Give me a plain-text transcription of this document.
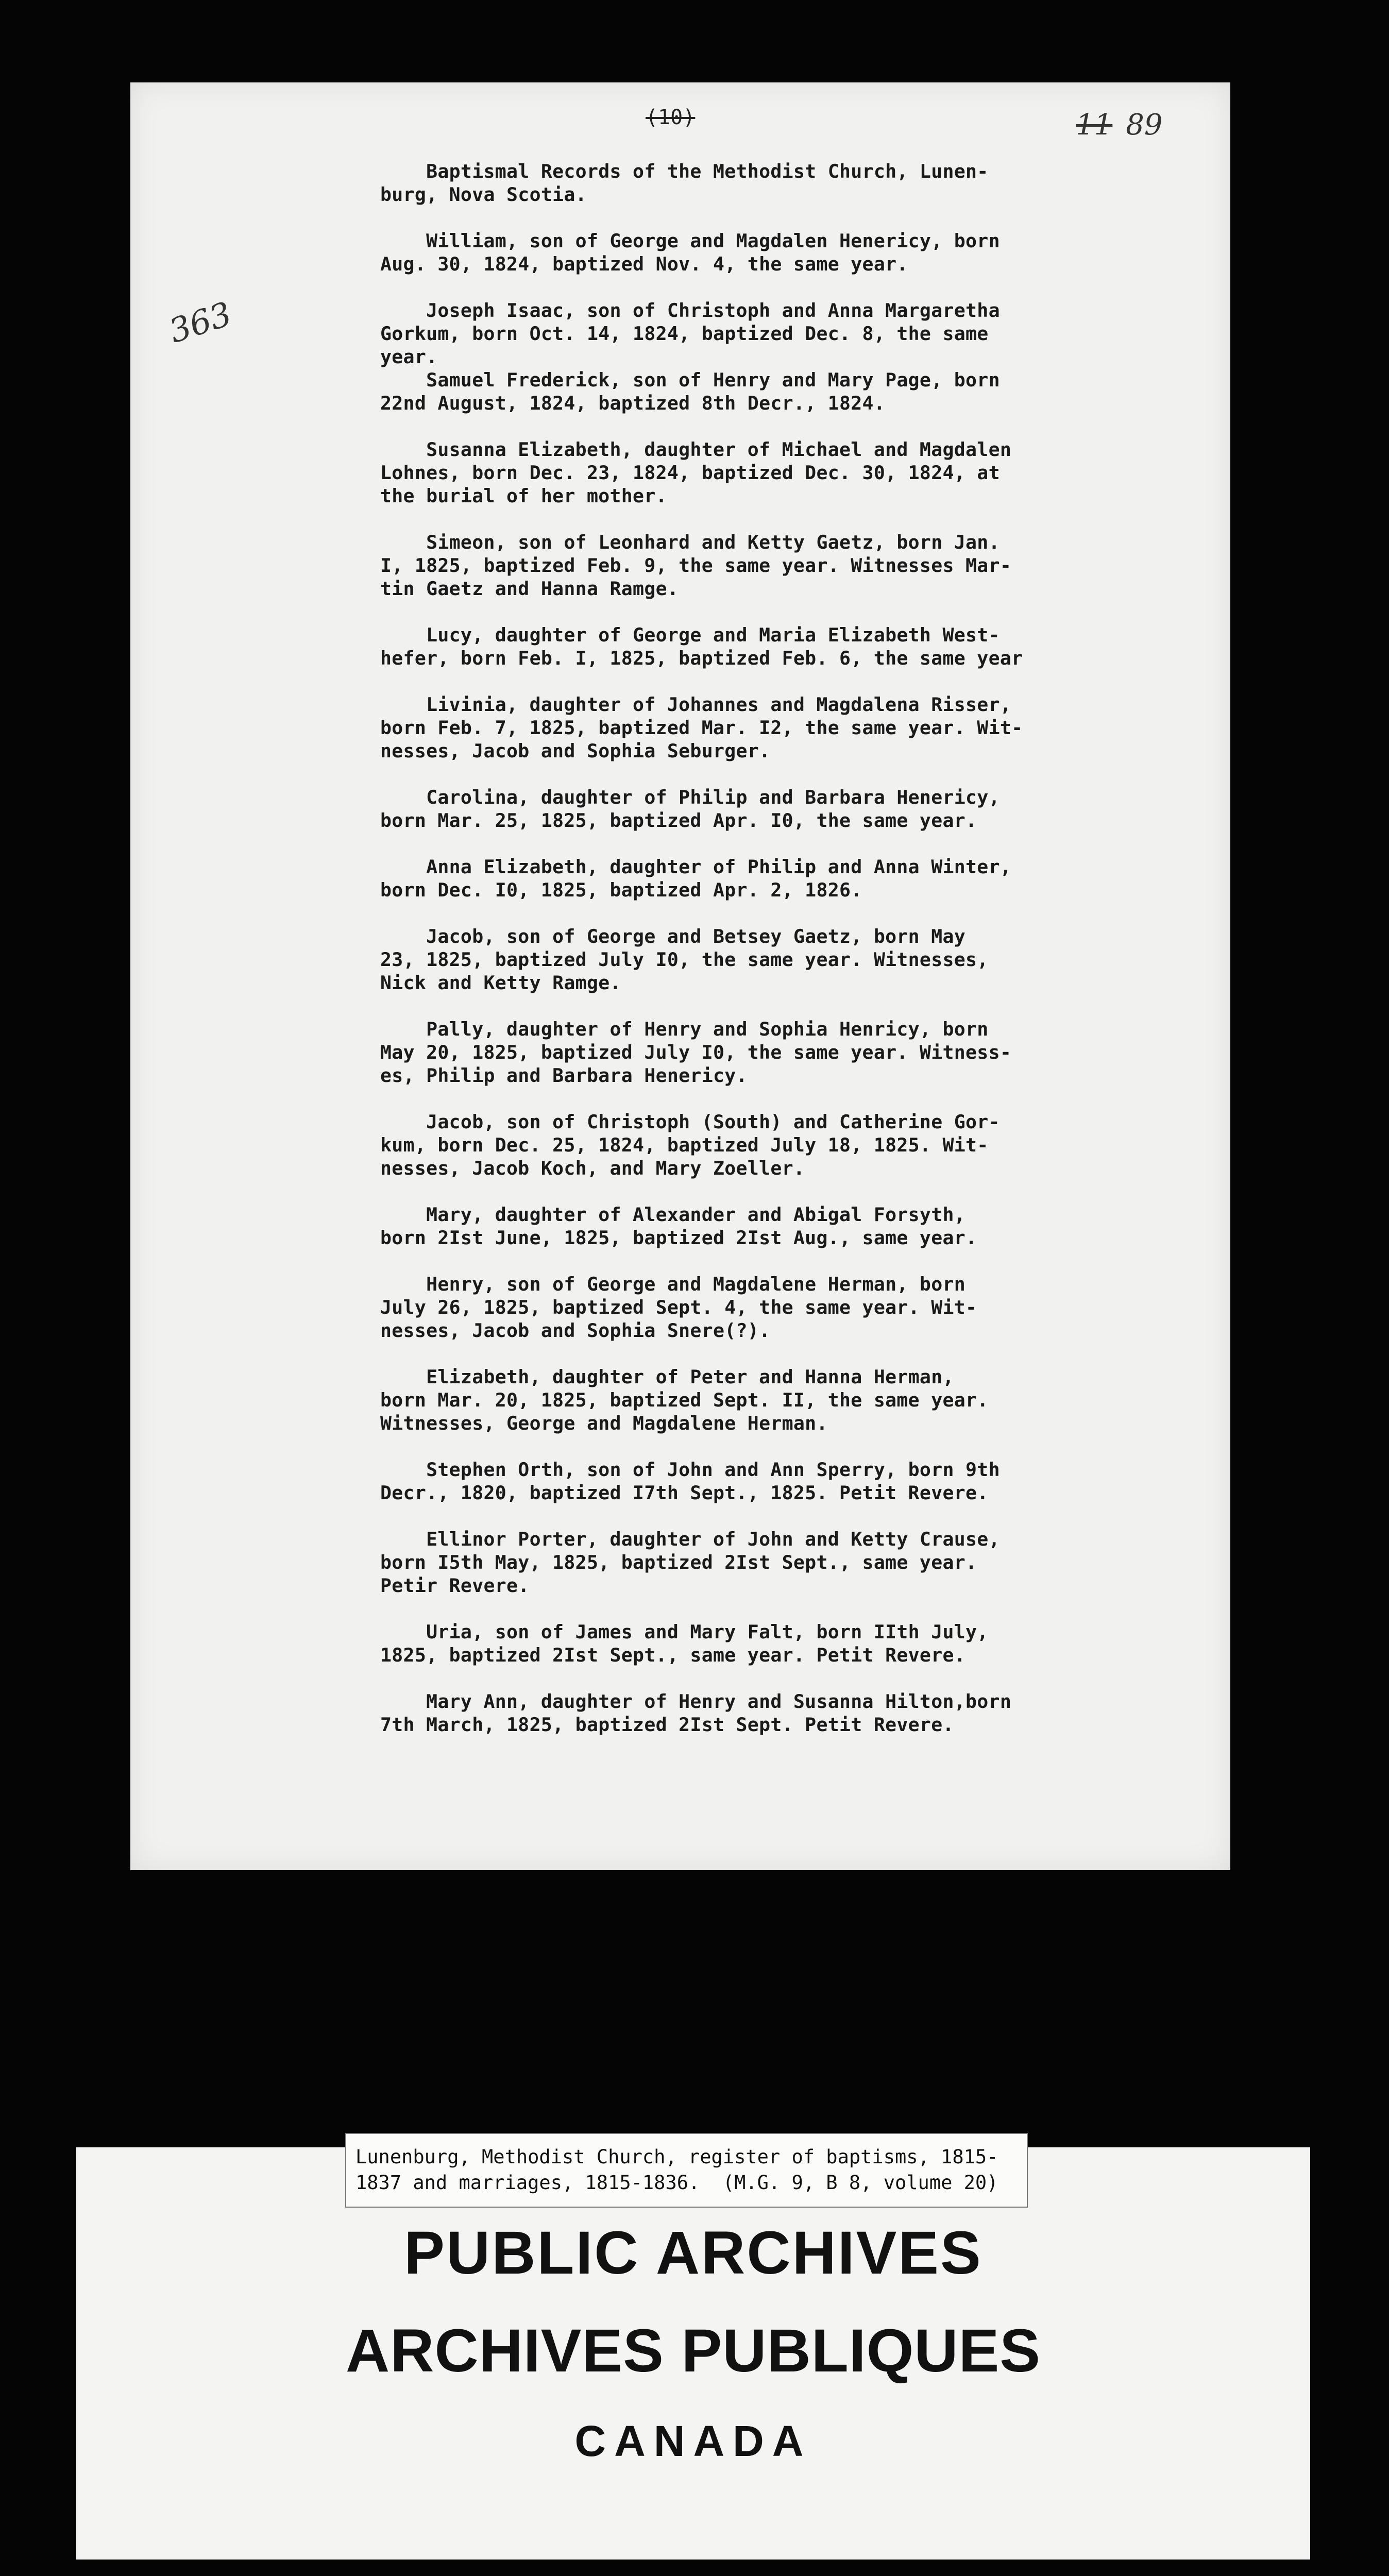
(10)	11 89
363
Baptismal Records of the Methodist Church, Lunen-
burg, Nova Scotia.
William, son of George and Magdalen Henericy, born
Aug. 30, 1824, baptized Nov. 4, the same year.
Joseph Isaac, son of Christoph and Anna Margaretha
Gorkum, born Oct. 14, 1824, baptized Dec. 8, the same
year.
Samuel Frederick, son of Henry and Mary Page, born
22nd August, 1824, baptized 8th Decr., 1824.
Susanna Elizabeth, daughter of Michael and Magdalen
Lohnes, born Dec. 23, 1824, baptized Dec. 30, 1824, at
the burial of her mother.
Simeon, son of Leonhard and Ketty Gaetz, born Jan.
I, 1825, baptized Feb. 9, the same year. Witnesses Mar-
tin Gaetz and Hanna Ramge.
Lucy, daughter of George and Maria Elizabeth West-
hefer, born Feb. I, 1825, baptized Feb. 6, the same year
Livinia, daughter of Johannes and Magdalena Risser,
born Feb. 7, 1825, baptized Mar. I2, the same year. Wit-
nesses, Jacob and Sophia Seburger.
Carolina, daughter of Philip and Barbara Henericy,
born Mar. 25, 1825, baptized Apr. I0, the same year.
Anna Elizabeth, daughter of Philip and Anna Winter,
born Dec. I0, 1825, baptized Apr. 2, 1826.
Jacob, son of George and Betsey Gaetz, born May
23, 1825, baptized July I0, the same year. Witnesses,
Nick and Ketty Ramge.
Pally, daughter of Henry and Sophia Henricy, born
May 20, 1825, baptized July I0, the same year. Witness-
es, Philip and Barbara Henericy.
Jacob, son of Christoph (South) and Catherine Gor-
kum, born Dec. 25, 1824, baptized July 18, 1825. Wit-
nesses, Jacob Koch, and Mary Zoeller.
Mary, daughter of Alexander and Abigal Forsyth,
born 2Ist June, 1825, baptized 2Ist Aug., same year.
Henry, son of George and Magdalene Herman, born
July 26, 1825, baptized Sept. 4, the same year. Wit-
nesses, Jacob and Sophia Snere(?).
Elizabeth, daughter of Peter and Hanna Herman,
born Mar. 20, 1825, baptized Sept. II, the same year.
Witnesses, George and Magdalene Herman.
Stephen Orth, son of John and Ann Sperry, born 9th
Decr., 1820, baptized I7th Sept., 1825. Petit Revere.
Ellinor Porter, daughter of John and Ketty Crause,
born I5th May, 1825, baptized 2Ist Sept., same year.
Petir Revere.
Uria, son of James and Mary Falt, born IIth July,
1825, baptized 2Ist Sept., same year. Petit Revere.
Mary Ann, daughter of Henry and Susanna Hilton,born
7th March, 1825, baptized 2Ist Sept. Petit Revere.
Lunenburg, Methodist Church, register of baptisms, 1815-
1837 and marriages, 1815-1836.  (M.G. 9, B 8, volume 20)
PUBLIC ARCHIVES
ARCHIVES PUBLIQUES
CANADA
